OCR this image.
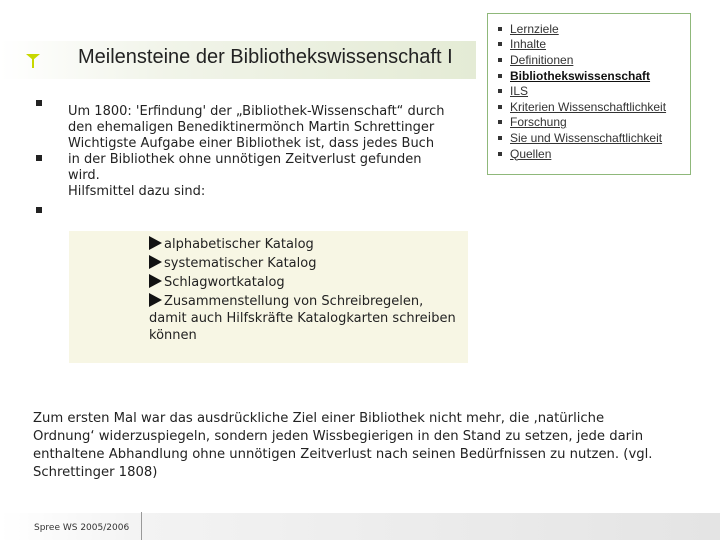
Meilensteine der Bibliothekswissenschaft I

Um 1800: 'Erfindung' der „Bibliothek-Wissenschaft“ durch den ehemaligen Benediktinermönch Martin Schrettinger

Wichtigste Aufgabe einer Bibliothek ist, dass jedes Buch in der Bibliothek ohne unnötigen Zeitverlust gefunden wird.

Hilfsmittel dazu sind:

alphabetischer Katalog
systematischer Katalog
Schlagwortkatalog
Zusammenstellung von Schreibregelen, damit auch Hilfskräfte Katalogkarten schreiben können
Lernziele
Inhalte
Definitionen
Bibliothekswissenschaft
ILS
Kriterien Wissenschaftlichkeit
Forschung
Sie und Wissenschaftlichkeit
Quellen
Zum ersten Mal war das ausdrückliche Ziel einer Bibliothek nicht mehr, die ‚natürliche Ordnung‘ widerzuspiegeln, sondern jeden Wissbegierigen in den Stand zu setzen, jede darin enthaltene Abhandlung ohne unnötigen Zeitverlust nach seinen Bedürfnissen zu nutzen. (vgl. Schrettinger 1808)
Spree WS 2005/2006
